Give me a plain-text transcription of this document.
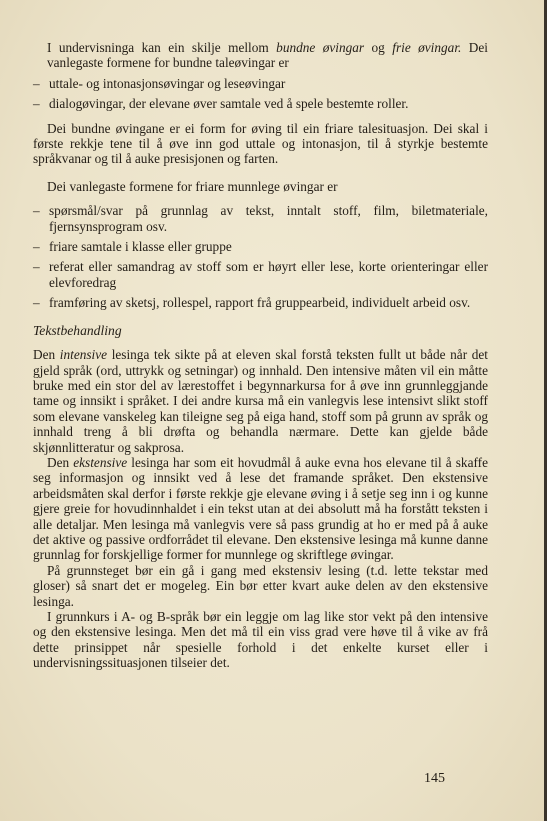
I undervisninga kan ein skilje mellom bundne øvingar og frie øvingar. Dei vanlegaste formene for bundne taleøvingar er

– uttale- og intonasjonsøvingar og leseøvingar

– dialogøvingar, der elevane øver samtale ved å spele bestemte roller.

Dei bundne øvingane er ei form for øving til ein friare talesituasjon. Dei skal i første rekkje tene til å øve inn god uttale og intonasjon, til å styrkje bestemte språkvanar og til å auke presisjonen og farten.

Dei vanlegaste formene for friare munnlege øvingar er

– spørsmål/svar på grunnlag av tekst, inntalt stoff, film, biletmateriale, fjernsynsprogram osv.

– friare samtale i klasse eller gruppe

– referat eller samandrag av stoff som er høyrt eller lese, korte orienteringar eller elevforedrag

– framføring av sketsj, rollespel, rapport frå gruppearbeid, individuelt arbeid osv.

Tekstbehandling

Den intensive lesinga tek sikte på at eleven skal forstå teksten fullt ut både når det gjeld språk (ord, uttrykk og setningar) og innhald. Den intensive måten vil ein måtte bruke med ein stor del av lærestoffet i begynnarkursa for å øve inn grunnleggjande tame og innsikt i språket. I dei andre kursa må ein vanlegvis lese intensivt slikt stoff som elevane vanskeleg kan tileigne seg på eiga hand, stoff som på grunn av språk og innhald treng å bli drøfta og behandla nærmare. Dette kan gjelde både skjønnlitteratur og sakprosa.

Den ekstensive lesinga har som eit hovudmål å auke evna hos elevane til å skaffe seg informasjon og innsikt ved å lese det framande språket. Den ekstensive arbeidsmåten skal derfor i første rekkje gje elevane øving i å setje seg inn i og kunne gjere greie for hovudinnhaldet i ein tekst utan at dei absolutt må ha forstått teksten i alle detaljar. Men lesinga må vanlegvis vere så pass grundig at ho er med på å auke det aktive og passive ordforrådet til elevane. Den ekstensive lesinga må kunne danne grunnlag for forskjellige former for munnlege og skriftlege øvingar.

På grunnsteget bør ein gå i gang med ekstensiv lesing (t.d. lette tekstar med gloser) så snart det er mogeleg. Ein bør etter kvart auke delen av den ekstensive lesinga.

I grunnkurs i A- og B-språk bør ein leggje om lag like stor vekt på den intensive og den ekstensive lesinga. Men det må til ein viss grad vere høve til å vike av frå dette prinsippet når spesielle forhold i det enkelte kurset eller i undervisningssituasjonen tilseier det.

145
